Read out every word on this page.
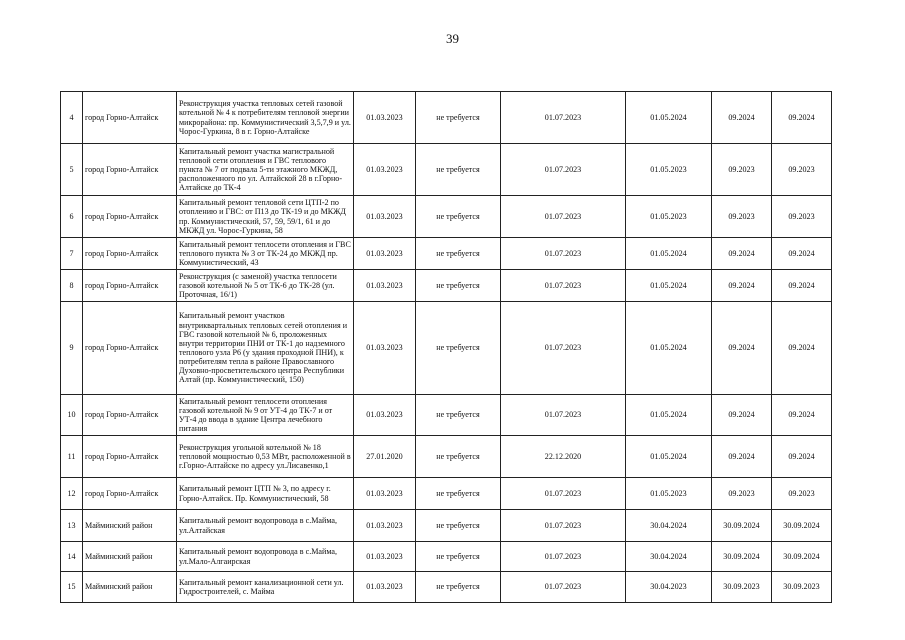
39
4	город Горно-Алтайск	Реконструкция участка тепловых сетей газовой котельной № 4 к потребителям тепловой энергии микрорайона: пр. Коммунистический 3,5,7,9 и ул. Чорос-Гуркина, 8 в г. Горно-Алтайске	01.03.2023	не требуется	01.07.2023	01.05.2024	09.2024	09.2024
5	город Горно-Алтайск	Капитальный ремонт участка магистральной тепловой сети отопления и ГВС теплового пункта № 7 от подвала 5-ти этажного МКЖД, расположенного по ул. Алтайской 28 в г.Горно-Алтайске до ТК-4	01.03.2023	не требуется	01.07.2023	01.05.2023	09.2023	09.2023
6	город Горно-Алтайск	Капитальный ремонт тепловой сети ЦТП-2 по отоплению и ГВС: от П13 до ТК-19 и до МКЖД пр. Коммунистический, 57, 59, 59/1, 61 и до МКЖД ул. Чорос-Гуркина, 58	01.03.2023	не требуется	01.07.2023	01.05.2023	09.2023	09.2023
7	город Горно-Алтайск	Капитальный ремонт теплосети отопления и ГВС теплового пункта № 3 от ТК-24 до МКЖД пр. Коммунистический, 43	01.03.2023	не требуется	01.07.2023	01.05.2024	09.2024	09.2024
8	город Горно-Алтайск	Реконструкция (с заменой) участка теплосети газовой котельной № 5 от ТК-6 до ТК-28 (ул. Проточная, 16/1)	01.03.2023	не требуется	01.07.2023	01.05.2024	09.2024	09.2024
9	город Горно-Алтайск	Капитальный ремонт участков внутриквартальных тепловых сетей отопления и ГВС газовой котельной № 6, проложенных внутри территории ПНИ от ТК-1 до надземного теплового узла Р6 (у здания проходной ПНИ), к потребителям тепла в районе Православного Духовно-просветительского центра Республики Алтай (пр. Коммунистический, 150)	01.03.2023	не требуется	01.07.2023	01.05.2024	09.2024	09.2024
10	город Горно-Алтайск	Капитальный ремонт теплосети отопления газовой котельной № 9 от УТ-4 до ТК-7 и от УТ-4 до ввода в здание Центра лечебного питания	01.03.2023	не требуется	01.07.2023	01.05.2024	09.2024	09.2024
11	город Горно-Алтайск	Реконструкция угольной котельной № 18 тепловой мощностью 0,53 МВт, расположенной в г.Горно-Алтайске по адресу ул.Лисавенко,1	27.01.2020	не требуется	22.12.2020	01.05.2024	09.2024	09.2024
12	город Горно-Алтайск	Капитальный ремонт ЦТП № 3, по адресу г. Горно-Алтайск. Пр. Коммунистический, 58	01.03.2023	не требуется	01.07.2023	01.05.2023	09.2023	09.2023
13	Майминский район	Капитальный ремонт водопровода в с.Майма, ул.Алтайская	01.03.2023	не требуется	01.07.2023	30.04.2024	30.09.2024	30.09.2024
14	Майминский район	Капитальный ремонт водопровода в с.Майма, ул.Мало-Алгаирская	01.03.2023	не требуется	01.07.2023	30.04.2024	30.09.2024	30.09.2024
15	Майминский район	Капитальный ремонт канализационной сети ул. Гидростроителей, с. Майма	01.03.2023	не требуется	01.07.2023	30.04.2023	30.09.2023	30.09.2023
